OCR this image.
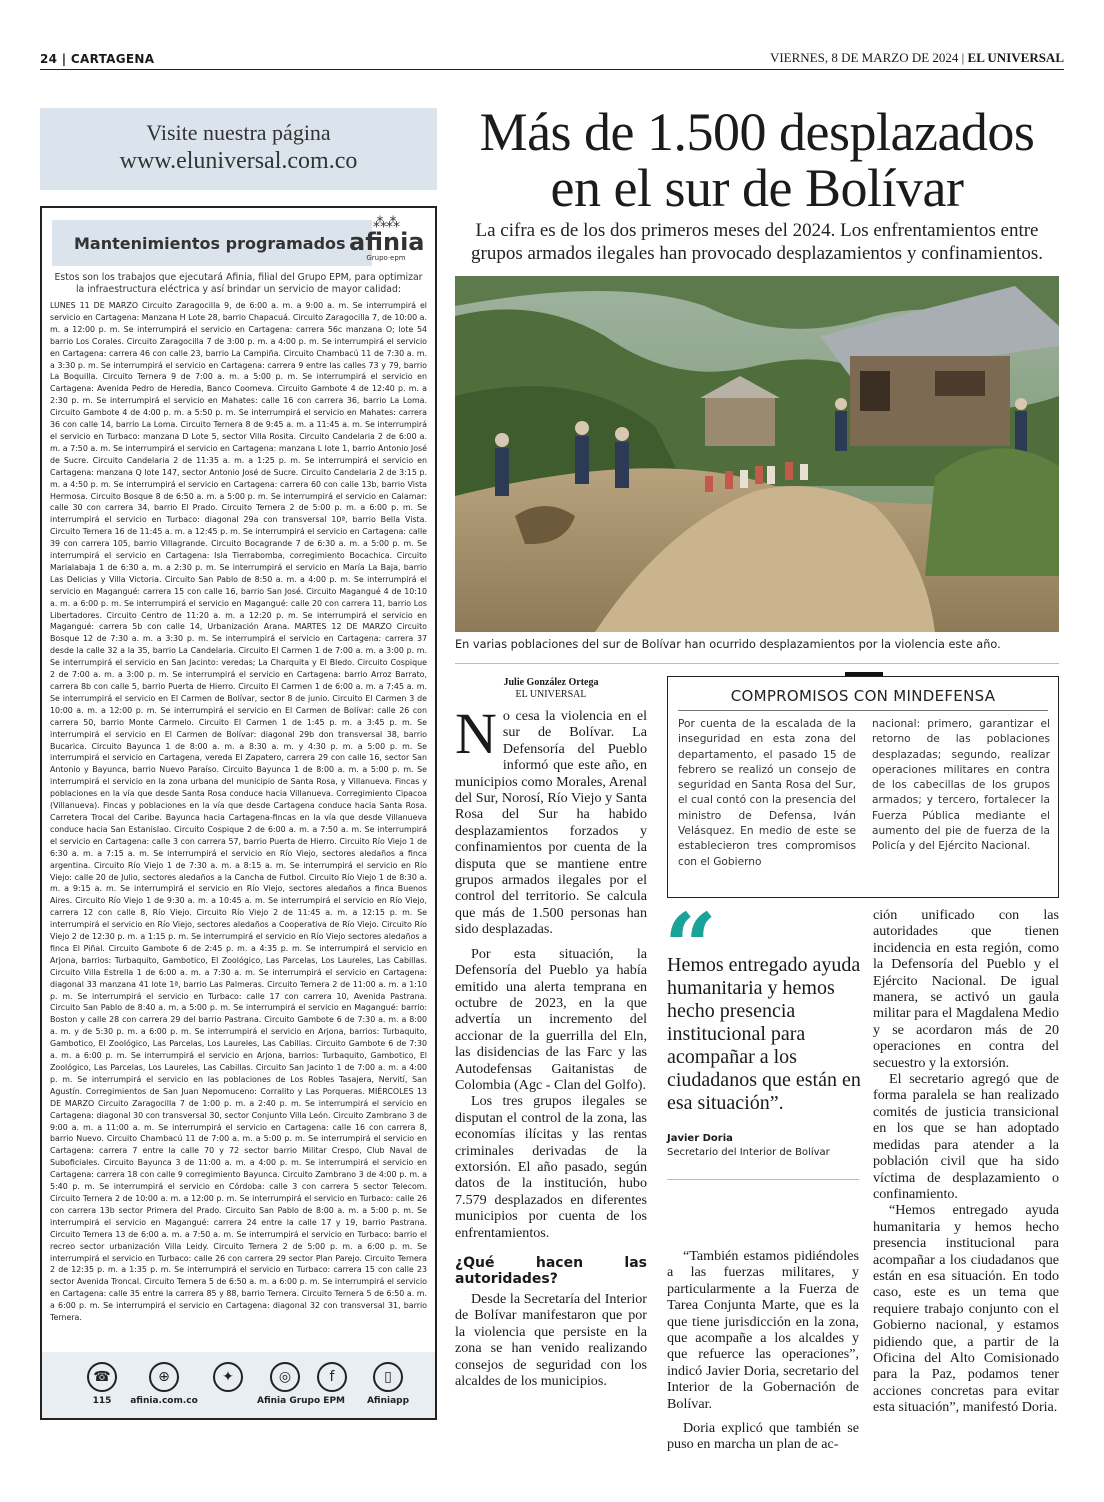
24 | CARTAGENA	VIERNES, 8 DE MARZO DE 2024 | EL UNIVERSAL
Visite nuestra página
www.eluniversal.com.co
Mantenimientos programados
⁂⁂
afinia
Grupo·epm
Estos son los trabajos que ejecutará Afinia, filial del Grupo EPM, para optimizar la infraestructura eléctrica y así brindar un servicio de mayor calidad:
LUNES 11 DE MARZO Circuito Zaragocilla 9, de 6:00 a. m. a 9:00 a. m. Se interrumpirá el servicio en Cartagena: Manzana H Lote 28, barrio Chapacuá. Circuito Zaragocilla 7, de 10:00 a. m. a 12:00 p. m. Se interrumpirá el servicio en Cartagena: carrera 56c manzana O; lote 54 barrio Los Corales. Circuito Zaragocilla 7 de 3:00 p. m. a 4:00 p. m. Se interrumpirá el servicio en Cartagena: carrera 46 con calle 23, barrio La Campiña. Circuito Chambacú 11 de 7:30 a. m. a 3:30 p. m. Se interrumpirá el servicio en Cartagena: carrera 9 entre las calles 73 y 79, barrio La Boquilla. Circuito Ternera 9 de 7:00 a. m. a 5:00 p. m. Se interrumpirá el servicio en Cartagena: Avenida Pedro de Heredia, Banco Coomeva. Circuito Gambote 4 de 12:40 p. m. a 2:30 p. m. Se interrumpirá el servicio en Mahates: calle 16 con carrera 36, barrio La Loma. Circuito Gambote 4 de 4:00 p. m. a 5:50 p. m. Se interrumpirá el servicio en Mahates: carrera 36 con calle 14, barrio La Loma. Circuito Ternera 8 de 9:45 a. m. a 11:45 a. m. Se interrumpirá el servicio en Turbaco: manzana D Lote 5, sector Villa Rosita. Circuito Candelaria 2 de 6:00 a. m. a 7:50 a. m. Se interrumpirá el servicio en Cartagena: manzana L lote 1, barrio Antonio José de Sucre. Circuito Candelaria 2 de 11:35 a. m. a 1:25 p. m. Se interrumpirá el servicio en Cartagena: manzana Q lote 147, sector Antonio José de Sucre. Circuito Candelaria 2 de 3:15 p. m. a 4:50 p. m. Se interrumpirá el servicio en Cartagena: carrera 60 con calle 13b, barrio Vista Hermosa. Circuito Bosque 8 de 6:50 a. m. a 5:00 p. m. Se interrumpirá el servicio en Calamar: calle 30 con carrera 34, barrio El Prado. Circuito Ternera 2 de 5:00 p. m. a 6:00 p. m. Se interrumpirá el servicio en Turbaco: diagonal 29a con transversal 10ª, barrio Bella Vista. Circuito Ternera 16 de 11:45 a. m. a 12:45 p. m. Se interrumpirá el servicio en Cartagena: calle 39 con carrera 105, barrio Villagrande. Circuito Bocagrande 7 de 6:30 a. m. a 5:00 p. m. Se interrumpirá el servicio en Cartagena: Isla Tierrabomba, corregimiento Bocachica. Circuito Marialabaja 1 de 6:30 a. m. a 2:30 p. m. Se interrumpirá el servicio en María La Baja, barrio Las Delicias y Villa Victoria. Circuito San Pablo de 8:50 a. m. a 4:00 p. m. Se interrumpirá el servicio en Magangué: carrera 15 con calle 16, barrio San José. Circuito Magangué 4 de 10:10 a. m. a 6:00 p. m. Se interrumpirá el servicio en Magangué: calle 20 con carrera 11, barrio Los Libertadores. Circuito Centro de 11:20 a. m. a 12:20 p. m. Se interrumpirá el servicio en Magangué: carrera 5b con calle 14, Urbanización Arana. MARTES 12 DE MARZO Circuito Bosque 12 de 7:30 a. m. a 3:30 p. m. Se interrumpirá el servicio en Cartagena: carrera 37 desde la calle 32 a la 35, barrio La Candelaria. Circuito El Carmen 1 de 7:00 a. m. a 3:00 p. m. Se interrumpirá el servicio en San Jacinto: veredas; La Charquita y El Bledo. Circuito Cospique 2 de 7:00 a. m. a 3:00 p. m. Se interrumpirá el servicio en Cartagena: barrio Arroz Barrato, carrera 8b con calle 5, barrio Puerta de Hierro. Circuito El Carmen 1 de 6:00 a. m. a 7:45 a. m. Se interrumpirá el servicio en El Carmen de Bolívar, sector 8 de junio. Circuito El Carmen 3 de 10:00 a. m. a 12:00 p. m. Se interrumpirá el servicio en El Carmen de Bolívar: calle 26 con carrera 50, barrio Monte Carmelo. Circuito El Carmen 1 de 1:45 p. m. a 3:45 p. m. Se interrumpirá el servicio en El Carmen de Bolívar: diagonal 29b don transversal 38, barrio Bucarica. Circuito Bayunca 1 de 8:00 a. m. a 8:30 a. m. y 4:30 p. m. a 5:00 p. m. Se interrumpirá el servicio en Cartagena, vereda El Zapatero, carrera 29 con calle 16, sector San Antonio y Bayunca, barrio Nuevo Paraíso. Circuito Bayunca 1 de 8:00 a. m. a 5:00 p. m. Se interrumpirá el servicio en la zona urbana del municipio de Santa Rosa, y Villanueva. Fincas y poblaciones en la vía que desde Santa Rosa conduce hacia Villanueva. Corregimiento Cipacoa (Villanueva). Fincas y poblaciones en la vía que desde Cartagena conduce hacia Santa Rosa. Carretera Trocal del Caribe. Bayunca hacia Cartagena-fincas en la vía que desde Villanueva conduce hacia San Estanislao. Circuito Cospique 2 de 6:00 a. m. a 7:50 a. m. Se interrumpirá el servicio en Cartagena: calle 3 con carrera 57, barrio Puerta de Hierro. Circuito Río Viejo 1 de 6:30 a. m. a 7:15 a. m. Se interrumpirá el servicio en Río Viejo, sectores aledaños a finca argentina. Circuito Río Viejo 1 de 7:30 a. m. a 8:15 a. m. Se interrumpirá el servicio en Río Viejo: calle 20 de Julio, sectores aledaños a la Cancha de Futbol. Circuito Río Viejo 1 de 8:30 a. m. a 9:15 a. m. Se interrumpirá el servicio en Río Viejo, sectores aledaños a finca Buenos Aires. Circuito Río Viejo 1 de 9:30 a. m. a 10:45 a. m. Se interrumpirá el servicio en Río Viejo, carrera 12 con calle 8, Río Viejo. Circuito Río Viejo 2 de 11:45 a. m. a 12:15 p. m. Se interrumpirá el servicio en Río Viejo, sectores aledaños a Cooperativa de Río Viejo. Circuito Río Viejo 2 de 12:30 p. m. a 1:15 p. m. Se interrumpirá el servicio en Río Viejo sectores aledaños a finca El Piñal. Circuito Gambote 6 de 2:45 p. m. a 4:35 p. m. Se interrumpirá el servicio en Arjona, barrios: Turbaquito, Gambotico, El Zoológico, Las Parcelas, Los Laureles, Las Cabillas. Circuito Villa Estrella 1 de 6:00 a. m. a 7:30 a. m. Se interrumpirá el servicio en Cartagena: diagonal 33 manzana 41 lote 1ª, barrio Las Palmeras. Circuito Ternera 2 de 11:00 a. m. a 1:10 p. m. Se interrumpirá el servicio en Turbaco: calle 17 con carrera 10, Avenida Pastrana. Circuito San Pablo de 8:40 a. m. a 5:00 p. m. Se interrumpirá el servicio en Magangué: barrio: Boston y calle 28 con carrera 29 del barrio Pastrana. Circuito Gambote 6 de 7:30 a. m. a 8:00 a. m. y de 5:30 p. m. a 6:00 p. m. Se interrumpirá el servicio en Arjona, barrios: Turbaquito, Gambotico, El Zoológico, Las Parcelas, Los Laureles, Las Cabillas. Circuito Gambote 6 de 7:30 a. m. a 6:00 p. m. Se interrumpirá el servicio en Arjona, barrios: Turbaquito, Gambotico, El Zoológico, Las Parcelas, Los Laureles, Las Cabillas. Circuito San Jacinto 1 de 7:00 a. m. a 4:00 p. m. Se interrumpirá el servicio en las poblaciones de Los Robles Tasajera, Nervití, San Agustín. Corregimientos de San Juan Nepomuceno: Corralito y Las Porqueras. MIÉRCOLES 13 DE MARZO Circuito Zaragocilla 7 de 1:00 p. m. a 2:40 p. m. Se interrumpirá el servicio en Cartagena: diagonal 30 con transversal 30, sector Conjunto Villa León. Circuito Zambrano 3 de 9:00 a. m. a 11:00 a. m. Se interrumpirá el servicio en Cartagena: calle 16 con carrera 8, barrio Nuevo. Circuito Chambacú 11 de 7:00 a. m. a 5:00 p. m. Se interrumpirá el servicio en Cartagena: carrera 7 entre la calle 70 y 72 sector barrio Militar Crespo, Club Naval de Suboficiales. Circuito Bayunca 3 de 11:00 a. m. a 4:00 p. m. Se interrumpirá el servicio en Cartagena: carrera 18 con calle 9 corregimiento Bayunca. Circuito Zambrano 3 de 4:00 p. m. a 5:40 p. m. Se interrumpirá el servicio en Córdoba: calle 3 con carrera 5 sector Telecom. Circuito Ternera 2 de 10:00 a. m. a 12:00 p. m. Se interrumpirá el servicio en Turbaco: calle 26 con carrera 13b sector Primera del Prado. Circuito San Pablo de 8:00 a. m. a 5:00 p. m. Se interrumpirá el servicio en Magangué: carrera 24 entre la calle 17 y 19, barrio Pastrana. Circuito Ternera 13 de 6:00 a. m. a 7:50 a. m. Se interrumpirá el servicio en Turbaco: barrio el recreo sector urbanización Villa Leidy. Circuito Ternera 2 de 5:00 p. m. a 6:00 p. m. Se interrumpirá el servicio en Turbaco: calle 26 con carrera 29 sector Plan Parejo. Circuito Ternera 2 de 12:35 p. m. a 1:35 p. m. Se interrumpirá el servicio en Turbaco: carrera 15 con calle 23 sector Avenida Troncal. Circuito Ternera 5 de 6:50 a. m. a 6:00 p. m. Se interrumpirá el servicio en Cartagena: calle 35 entre la carrera 85 y 88, barrio Ternera. Circuito Ternera 5 de 6:50 a. m. a 6:00 p. m. Se interrumpirá el servicio en Cartagena: diagonal 32 con transversal 31, barrio Ternera.
☎
115
⊕
afinia.com.co
✦	◎
Afinia Grupo EPM
f	▯
Afiniapp
Más de 1.500 desplazados en el sur de Bolívar
La cifra es de los dos primeros meses del 2024. Los enfrentamientos entre grupos armados ilegales han provocado desplazamientos y confinamientos.
En varias poblaciones del sur de Bolívar han ocurrido desplazamientos por la violencia este año.
Julie González Ortega
EL UNIVERSAL

No cesa la violencia en el sur de Bolívar. La Defensoría del Pueblo informó que este año, en municipios como Morales, Arenal del Sur, Norosí, Río Viejo y Santa Rosa del Sur ha habido desplazamientos forzados y confinamientos por cuenta de la disputa que se mantiene entre grupos armados ilegales por el control del territorio. Se calcula que más de 1.500 personas han sido desplazadas.

Por esta situación, la Defensoría del Pueblo ya había emitido una alerta temprana en octubre de 2023, en la que advertía un incremento del accionar de la guerrilla del Eln, las disidencias de las Farc y las Autodefensas Gaitanistas de Colombia (Agc - Clan del Golfo).

Los tres grupos ilegales se disputan el control de la zona, las economías ilícitas y las rentas criminales derivadas de la extorsión. El año pasado, según datos de la institución, hubo 7.579 desplazados en diferentes municipios por cuenta de los enfrentamientos.

¿Qué hacen las autoridades?

Desde la Secretaría del Interior de Bolívar manifestaron que por la violencia que persiste en la zona se han venido realizando consejos de seguridad con los alcaldes de los municipios.

COMPROMISOS CON MINDEFENSA
Por cuenta de la escalada de la inseguridad en esta zona del departamento, el pasado 15 de febrero se realizó un consejo de seguridad en Santa Rosa del Sur, el cual contó con la presencia del ministro de Defensa, Iván Velásquez. En medio de este se establecieron tres compromisos con el Gobierno
nacional: primero, garantizar el retorno de las poblaciones desplazadas; segundo, realizar operaciones militares en contra de los cabecillas de los grupos armados; y tercero, fortalecer la Fuerza Pública mediante el aumento del pie de fuerza de la Policía y del Ejército Nacional.
“
Hemos entregado ayuda humanitaria y hemos hecho presencia institucional para acompañar a los ciudadanos que están en esa situación”.
Javier Doria
Secretario del Interior de Bolívar

“También estamos pidiéndoles a las fuerzas militares, y particularmente a la Fuerza de Tarea Conjunta Marte, que es la que tiene jurisdicción en la zona, que acompañe a los alcaldes y que refuerce las operaciones”, indicó Javier Doria, secretario del Interior de la Gobernación de Bolívar.

Doria explicó que también se puso en marcha un plan de ac-

ción unificado con las autoridades que tienen incidencia en esta región, como la Defensoría del Pueblo y el Ejército Nacional. De igual manera, se activó un gaula militar para el Magdalena Medio y se acordaron más de 20 operaciones en contra del secuestro y la extorsión.

El secretario agregó que de forma paralela se han realizado comités de justicia transicional en los que se han adoptado medidas para atender a la población civil que ha sido víctima de desplazamiento o confinamiento.

“Hemos entregado ayuda humanitaria y hemos hecho presencia institucional para acompañar a los ciudadanos que están en esa situación. En todo caso, este es un tema que requiere trabajo conjunto con el Gobierno nacional, y estamos pidiendo que, a partir de la Oficina del Alto Comisionado para la Paz, podamos tener acciones concretas para evitar esta situación”, manifestó Doria.
